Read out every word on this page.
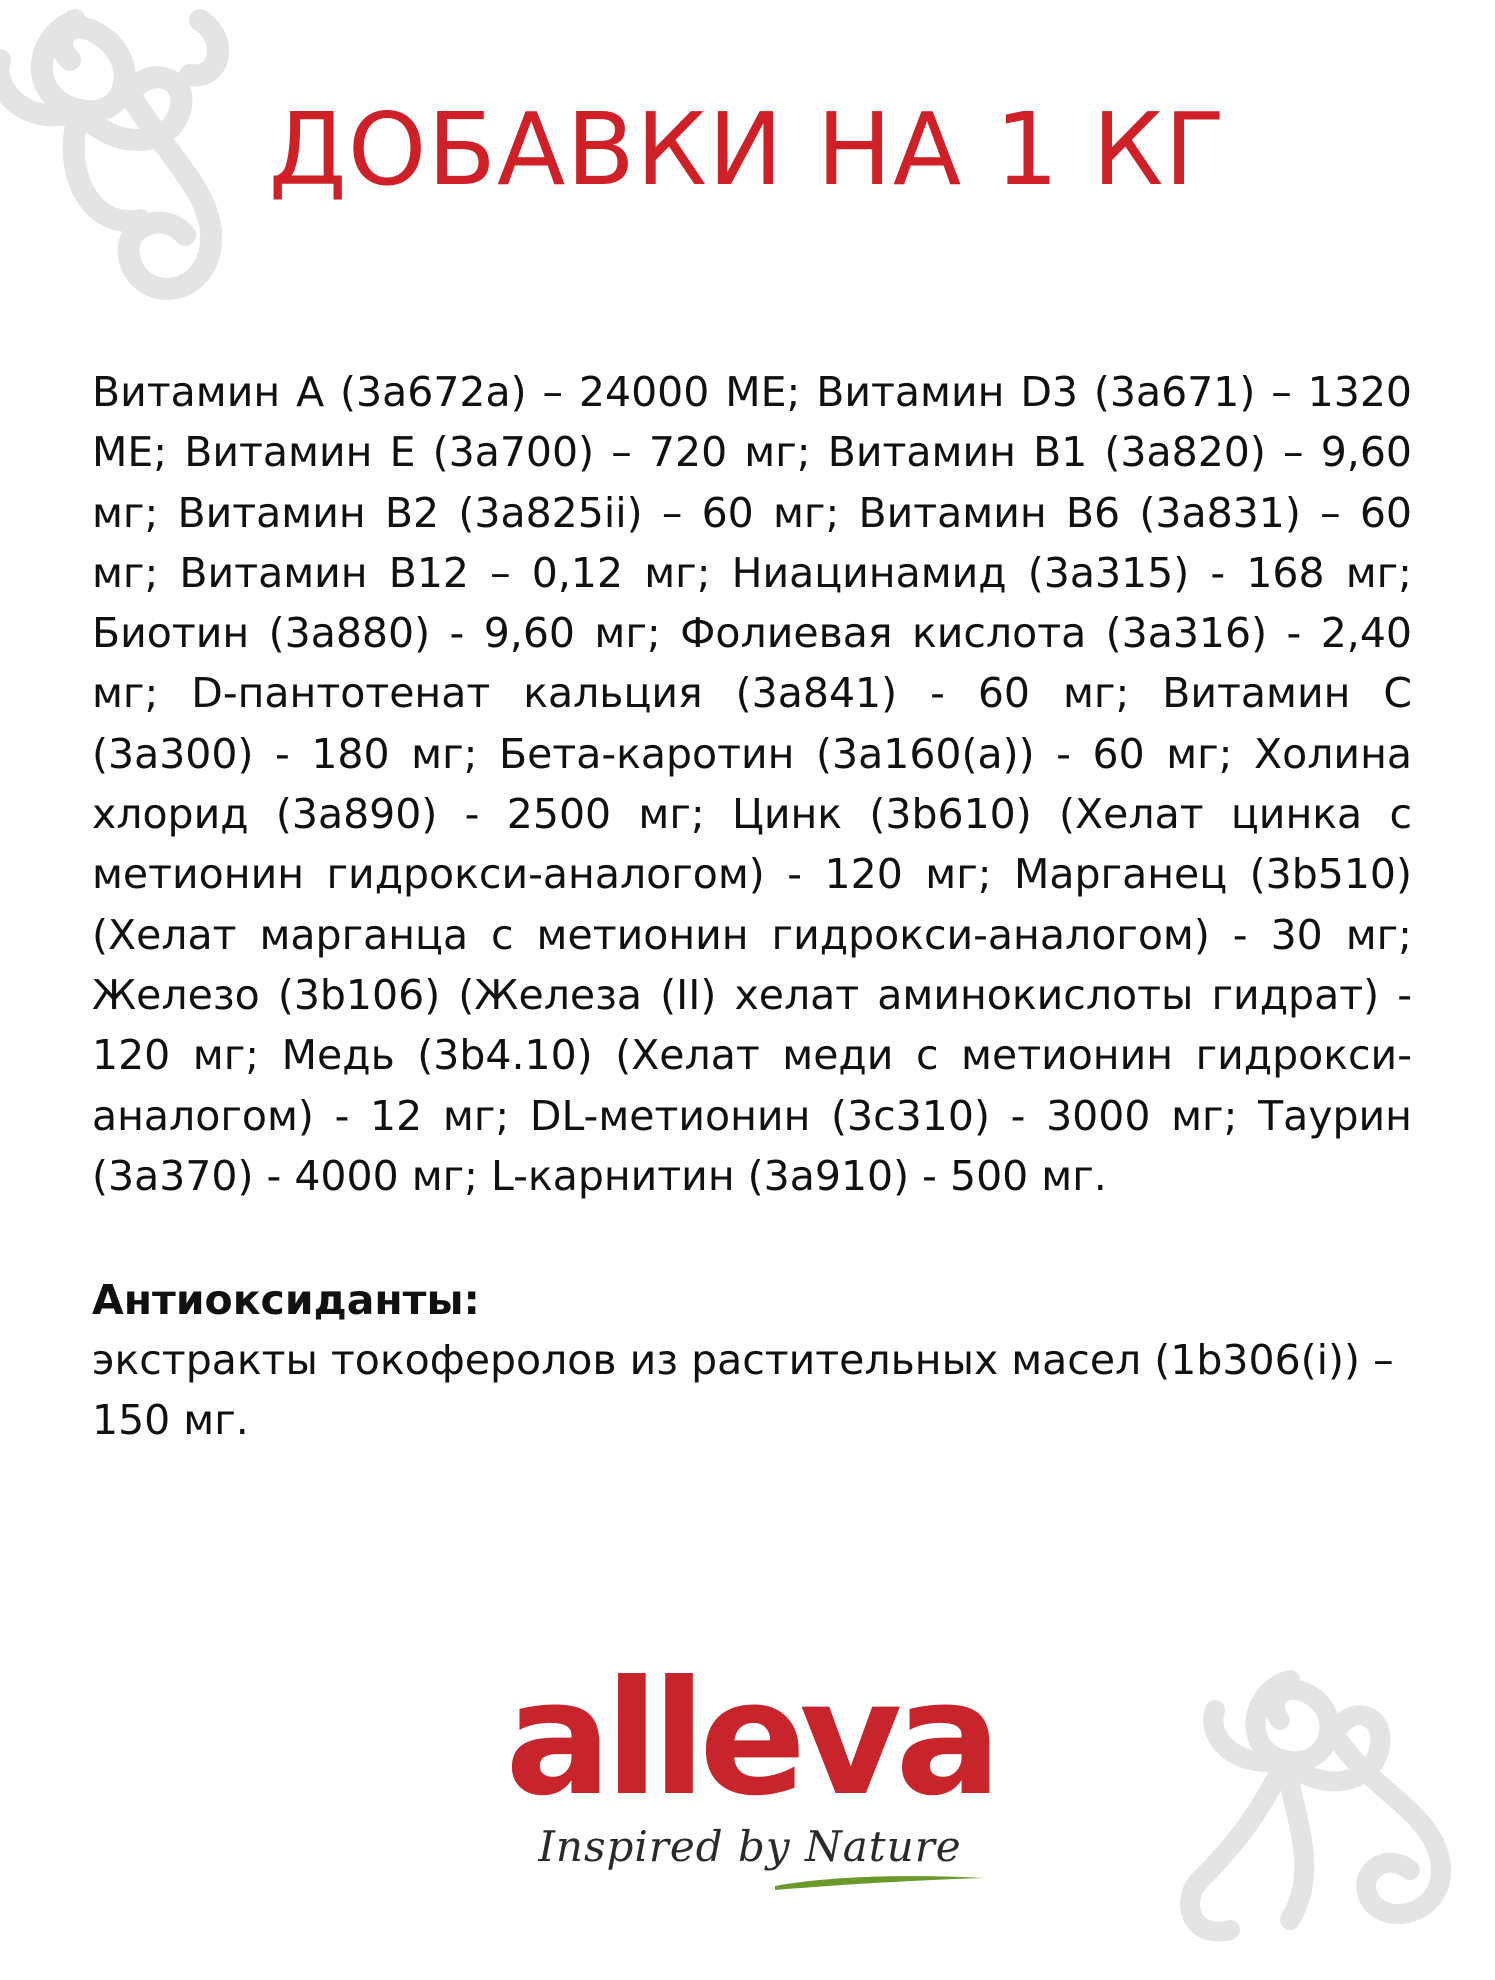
ДОБАВКИ НА 1 КГ

Витамин A (3a672a) – 24000 МЕ; Витамин D3 (3a671) – 1320 МЕ; Витамин Е (3a700) – 720 мг; Витамин B1 (3a820) – 9,60 мг; Витамин B2 (3a825ii) – 60 мг; Витамин B6 (3a831) – 60 мг; Витамин B12 – 0,12 мг; Ниацинамид (3a315) - 168 мг; Биотин (3a880) - 9,60 мг; Фолиевая кислота (3a316) - 2,40 мг; D-пантотенат кальция (3a841) - 60 мг; Витамин C (3a300) - 180 мг; Бета-каротин (3a160(a)) - 60 мг; Холина хлорид (3a890) - 2500 мг; Цинк (3b610) (Хелат цинка с метионин гидрокси-аналогом) - 120 мг; Марганец (3b510) (Хелат марганца с метионин гидрокси-аналогом) - 30 мг; Железо (3b106) (Железа (II) хелат аминокислоты гидрат) - 120 мг; Медь (3b4.10) (Хелат меди с метионин гидрокси-аналогом) - 12 мг; DL-метионин (3c310) - 3000 мг; Таурин (3a370) - 4000 мг; L-карнитин (3a910) - 500 мг.

Антиоксиданты:

экстракты токоферолов из растительных масел (1b306(i)) – 150 мг.

alleva
Inspired by Nature
